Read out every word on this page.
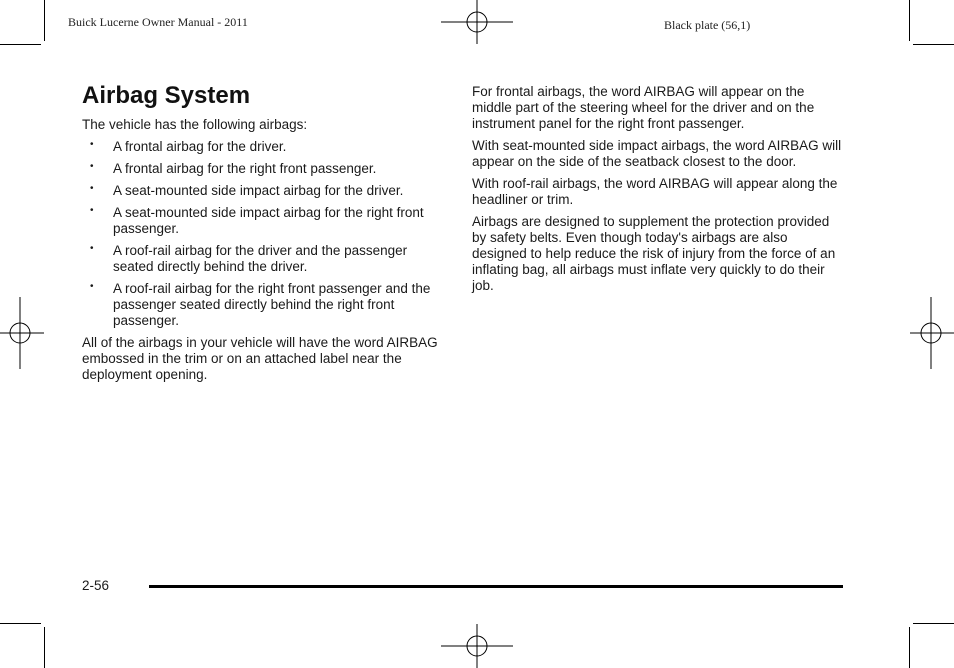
Buick Lucerne Owner Manual - 2011	Black plate (56,1)
Airbag System

The vehicle has the following airbags:

• A frontal airbag for the driver.
• A frontal airbag for the right front passenger.
• A seat-mounted side impact airbag for the driver.
• A seat-mounted side impact airbag for the right front passenger.
• A roof-rail airbag for the driver and the passenger seated directly behind the driver.
• A roof-rail airbag for the right front passenger and the passenger seated directly behind the right front passenger.

All of the airbags in your vehicle will have the word AIRBAG embossed in the trim or on an attached label near the deployment opening.

For frontal airbags, the word AIRBAG will appear on the middle part of the steering wheel for the driver and on the instrument panel for the right front passenger.

With seat-mounted side impact airbags, the word AIRBAG will appear on the side of the seatback closest to the door.

With roof-rail airbags, the word AIRBAG will appear along the headliner or trim.

Airbags are designed to supplement the protection provided by safety belts. Even though today's airbags are also designed to help reduce the risk of injury from the force of an inflating bag, all airbags must inflate very quickly to do their job.

2-56
